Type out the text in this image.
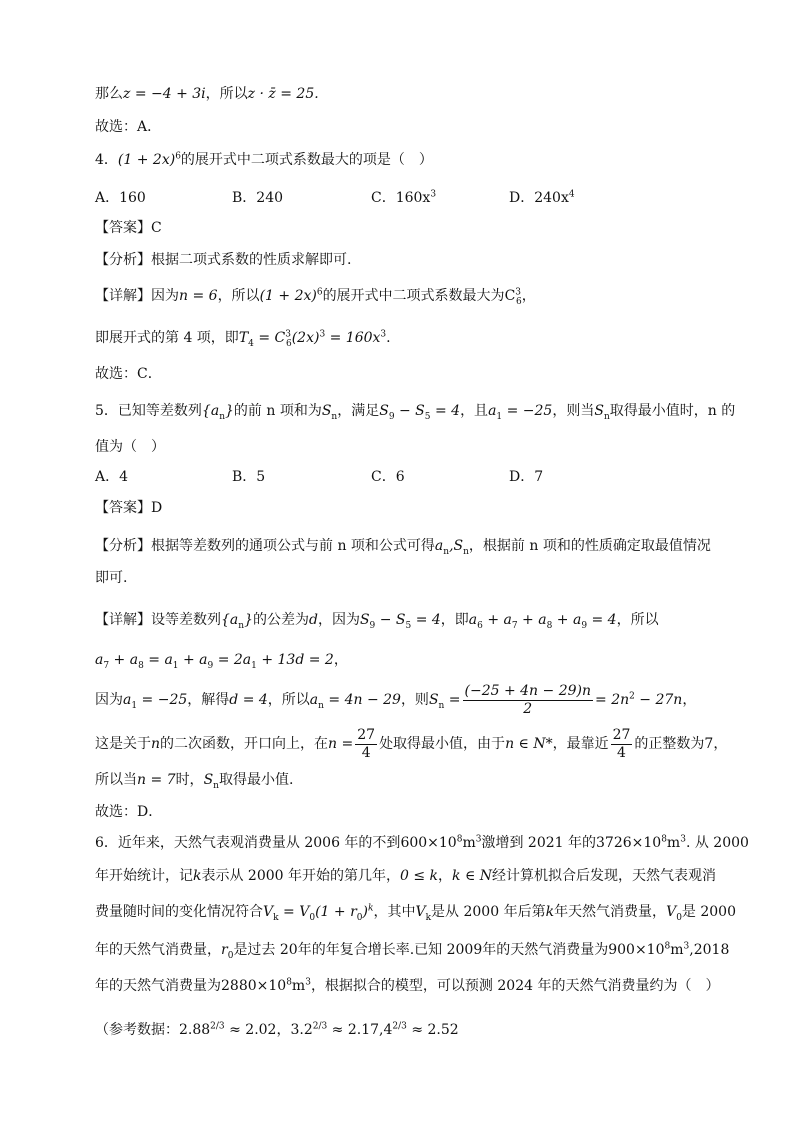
那么z = −4 + 3i，所以z · z̄ = 25.
故选：A．
4．$(1 + 2x)^6$的展开式中二项式系数最大的项是（　）
A．160	B．240	C．$160x^3$	D．$240x^4$
【答案】C
【分析】根据二项式系数的性质求解即可.
【详解】因为n = 6，所以$(1 + 2x)^6$的展开式中二项式系数最大为$C^3_6$，
即展开式的第 4 项，即$T_4 = C^3_6(2x)^3 = 160x^3$.
故选：C．
5．已知等差数列$\{a_n\}$的前 n 项和为$S_n$，满足$S_9 - S_5 = 4$，且$a_1 = -25$，则当$S_n$取得最小值时，n 的
值为（　）
A．4	B．5	C．6	D．7
【答案】D
【分析】根据等差数列的通项公式与前 n 项和公式可得$a_n,S_n$，根据前 n 项和的性质确定取最值情况
即可.
【详解】设等差数列$\{a_n\}$的公差为d，因为$S_9 - S_5 = 4$，即$a_6 + a_7 + a_8 + a_9 = 4$，所以
$a_7 + a_8 = a_1 + a_9 = 2a_1 + 13d = 2$，
因为$a_1 = -25$，解得d = 4，所以$a_n = 4n - 29$，则$S_n = \frac{(-25 + 4n - 29)n}{2} = 2n^2 - 27n$，
这是关于n的二次函数，开口向上，在$n = \frac{27}{4}$ 处取得最小值，由于n ∈ N*，最靠近 $\frac{27}{4}$ 的正整数为7，
所以当n = 7时，$S_n$取得最小值.
故选：D．
6．近年来，天然气表观消费量从 2006 年的不到$600\times 10^8m^3$激增到 2021 年的$3726\times 10^8m^3$. 从 2000
年开始统计，记k表示从 2000 年开始的第几年，0 ≤ k，k ∈ N经计算机拟合后发现，天然气表观消
费量随时间的变化情况符合$V_k = V_0(1 + r_0)^k$，其中$V_k$是从 2000 年后第k年天然气消费量，$V_0$是 2000
年的天然气消费量，$r_0$是过去 20年的年复合增长率.已知 2009年的天然气消费量为$900\times 10^8m^3,2018$
年的天然气消费量为$2880\times 10^8m^3$，根据拟合的模型，可以预测 2024 年的天然气消费量约为（　）
（参考数据：$2.88^{2/3} \approx 2.02$，$3.2^{2/3} \approx 2.17,4^{2/3} \approx 2.52$
